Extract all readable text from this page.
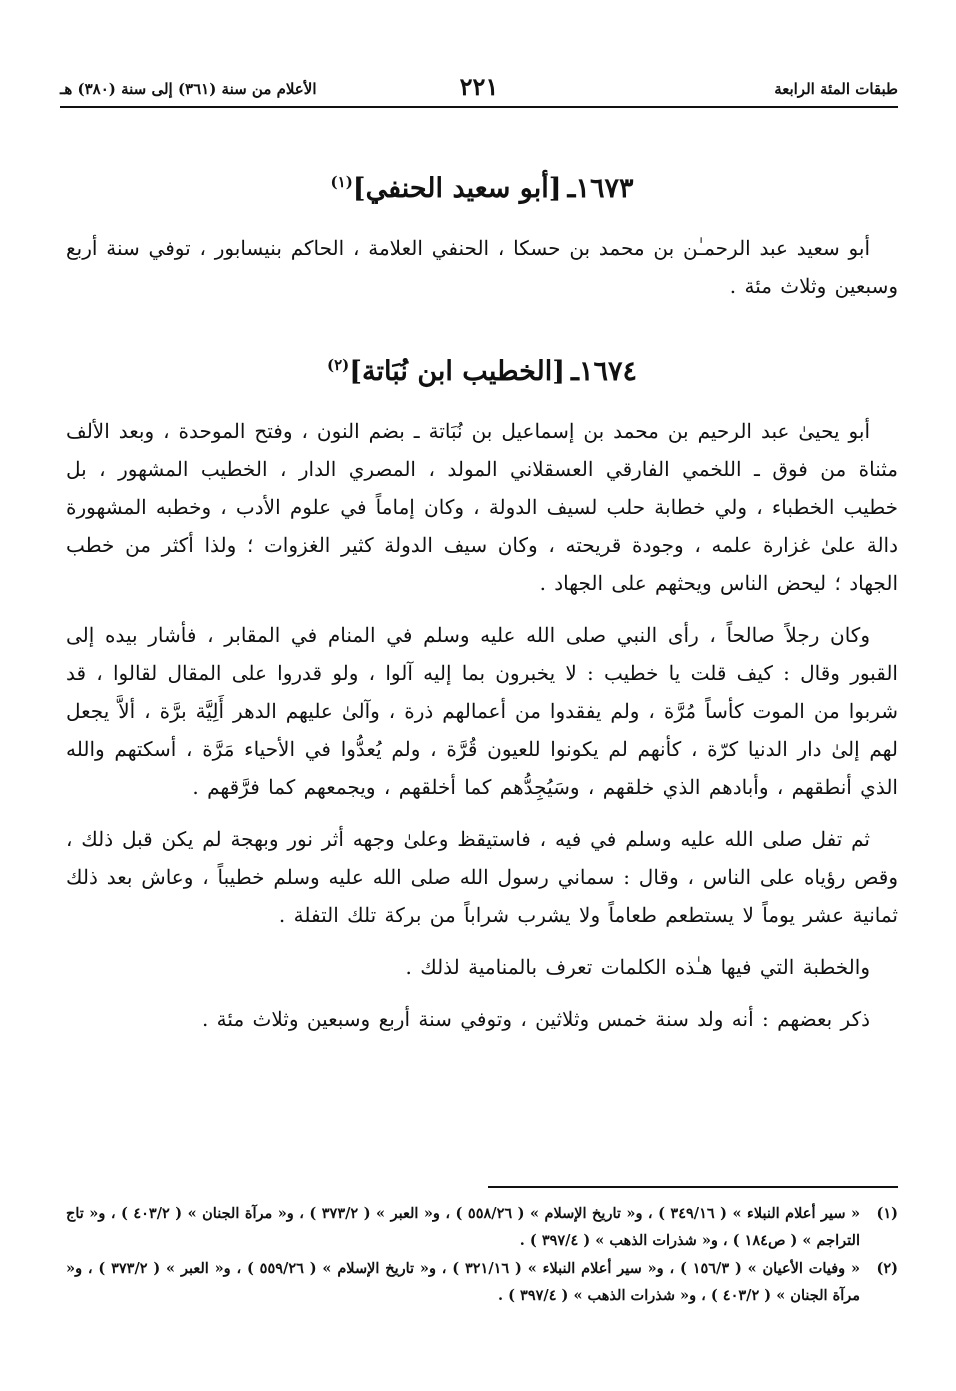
طبقات المئة الرابعة
٢٢١
الأعلام من سنة (٣٦١) إلى سنة (٣٨٠) هـ
١٦٧٣ـ[أبو سعيد الحنفي]$^{(١)}$

أبو سعيد عبد الرحمـٰن بن محمد بن حسكا ، الحنفي العلامة ، الحاكم بنيسابور ، توفي سنة أربع وسبعين وثلاث مئة .

١٦٧٤ـ[الخطيب ابن نُبَاتة]$^{(٢)}$

أبو يحيىٰ عبد الرحيم بن محمد بن إسماعيل بن نُبَاتة ـ بضم النون ، وفتح الموحدة ، وبعد الألف مثناة من فوق ـ اللخمي الفارقي العسقلاني المولد ، المصري الدار ، الخطيب المشهور ، بل خطيب الخطباء ، ولي خطابة حلب لسيف الدولة ، وكان إماماً في علوم الأدب ، وخطبه المشهورة دالة علىٰ غزارة علمه ، وجودة قريحته ، وكان سيف الدولة كثير الغزوات ؛ ولذا أكثر من خطب الجهاد ؛ ليحض الناس ويحثهم على الجهاد .

وكان رجلاً صالحاً ، رأى النبي صلى الله عليه وسلم في المنام في المقابر ، فأشار بيده إلى القبور وقال : كيف قلت يا خطيب : لا يخبرون بما إليه آلوا ، ولو قدروا على المقال لقالوا ، قد شربوا من الموت كأساً مُرَّة ، ولم يفقدوا من أعمالهم ذرة ، وآلىٰ عليهم الدهر أَلِيَّة برَّة ، ألاَّ يجعل لهم إلىٰ دار الدنيا كرّة ، كأنهم لم يكونوا للعيون قُرَّة ، ولم يُعدُّوا في الأحياء مَرَّة ، أسكتهم والله الذي أنطقهم ، وأبادهم الذي خلقهم ، وسَيُجِدُّهم كما أخلقهم ، ويجمعهم كما فرَّقهم .

ثم تفل صلى الله عليه وسلم في فيه ، فاستيقظ وعلىٰ وجهه أثر نور وبهجة لم يكن قبل ذلك ، وقص رؤياه على الناس ، وقال : سماني رسول الله صلى الله عليه وسلم خطيباً ، وعاش بعد ذلك ثمانية عشر يوماً لا يستطعم طعاماً ولا يشرب شراباً من بركة تلك التفلة .

والخطبة التي فيها هـٰذه الكلمات تعرف بالمنامية لذلك .

ذكر بعضهم : أنه ولد سنة خمس وثلاثين ، وتوفي سنة أربع وسبعين وثلاث مئة .

(١)
« سير أعلام النبلاء » ( ٣٤٩/١٦ ) ، و« تاريخ الإسلام » ( ٥٥٨/٢٦ ) ، و« العبر » ( ٣٧٣/٢ ) ، و« مرآة الجنان » ( ٤٠٣/٢ ) ، و« تاج التراجم » ( ص١٨٤ ) ، و« شذرات الذهب » ( ٣٩٧/٤ ) .
(٢)
« وفيات الأعيان » ( ١٥٦/٣ ) ، و« سير أعلام النبلاء » ( ٣٢١/١٦ ) ، و« تاريخ الإسلام » ( ٥٥٩/٢٦ ) ، و« العبر » ( ٣٧٣/٢ ) ، و« مرآة الجنان » ( ٤٠٣/٢ ) ، و« شذرات الذهب » ( ٣٩٧/٤ ) .
